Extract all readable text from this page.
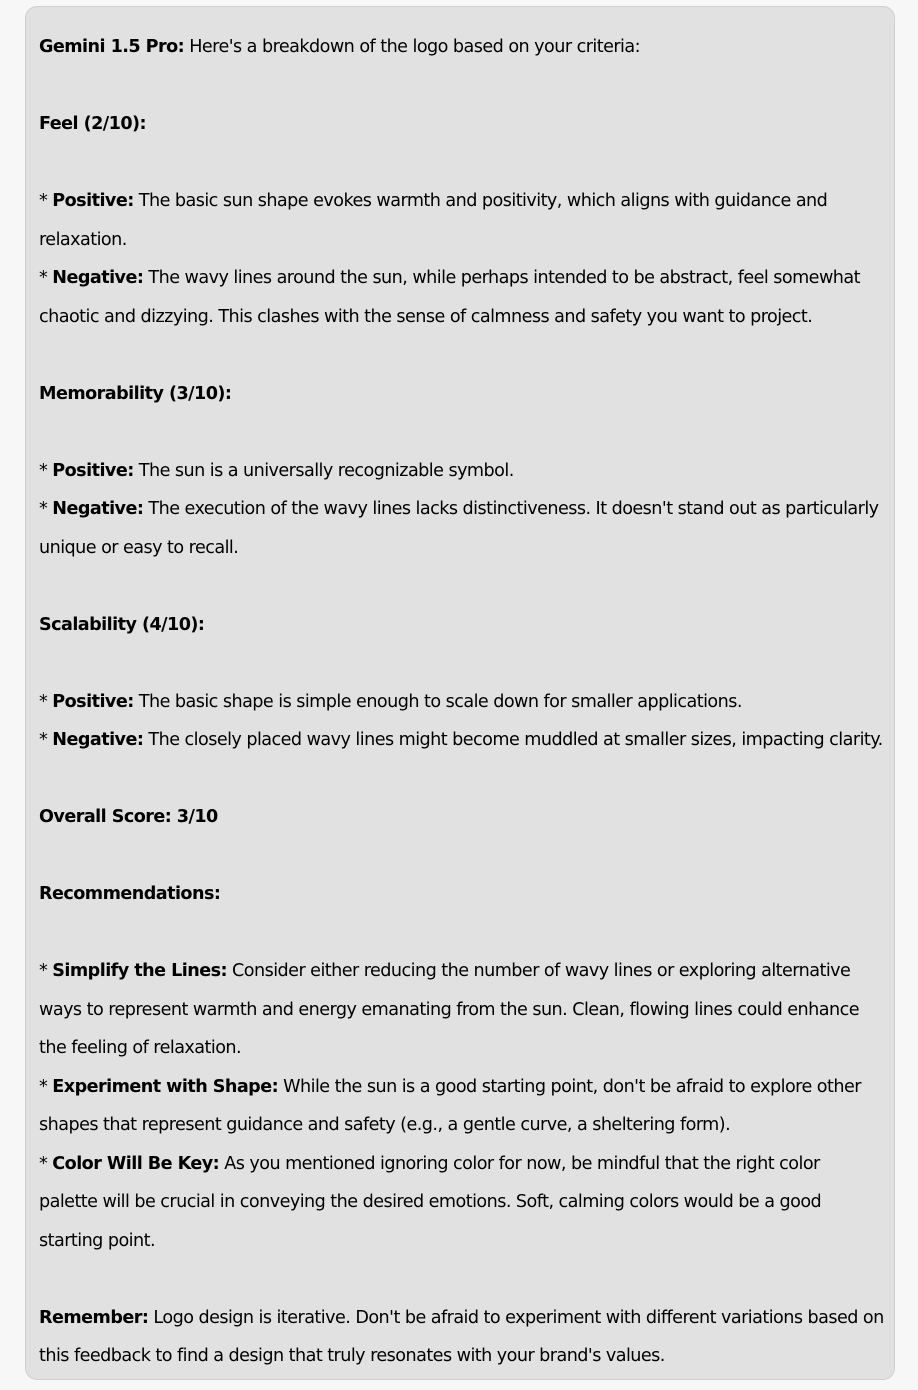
Gemini 1.5 Pro: Here's a breakdown of the logo based on your criteria:

Feel (2/10):

* Positive: The basic sun shape evokes warmth and positivity, which aligns with guidance and

relaxation.

* Negative: The wavy lines around the sun, while perhaps intended to be abstract, feel somewhat

chaotic and dizzying. This clashes with the sense of calmness and safety you want to project.

Memorability (3/10):

* Positive: The sun is a universally recognizable symbol.

* Negative: The execution of the wavy lines lacks distinctiveness. It doesn't stand out as particularly

unique or easy to recall.

Scalability (4/10):

* Positive: The basic shape is simple enough to scale down for smaller applications.

* Negative: The closely placed wavy lines might become muddled at smaller sizes, impacting clarity.

Overall Score: 3/10

Recommendations:

* Simplify the Lines: Consider either reducing the number of wavy lines or exploring alternative

ways to represent warmth and energy emanating from the sun. Clean, flowing lines could enhance

the feeling of relaxation.

* Experiment with Shape: While the sun is a good starting point, don't be afraid to explore other

shapes that represent guidance and safety (e.g., a gentle curve, a sheltering form).

* Color Will Be Key: As you mentioned ignoring color for now, be mindful that the right color

palette will be crucial in conveying the desired emotions. Soft, calming colors would be a good

starting point.

Remember: Logo design is iterative. Don't be afraid to experiment with different variations based on

this feedback to find a design that truly resonates with your brand's values.
